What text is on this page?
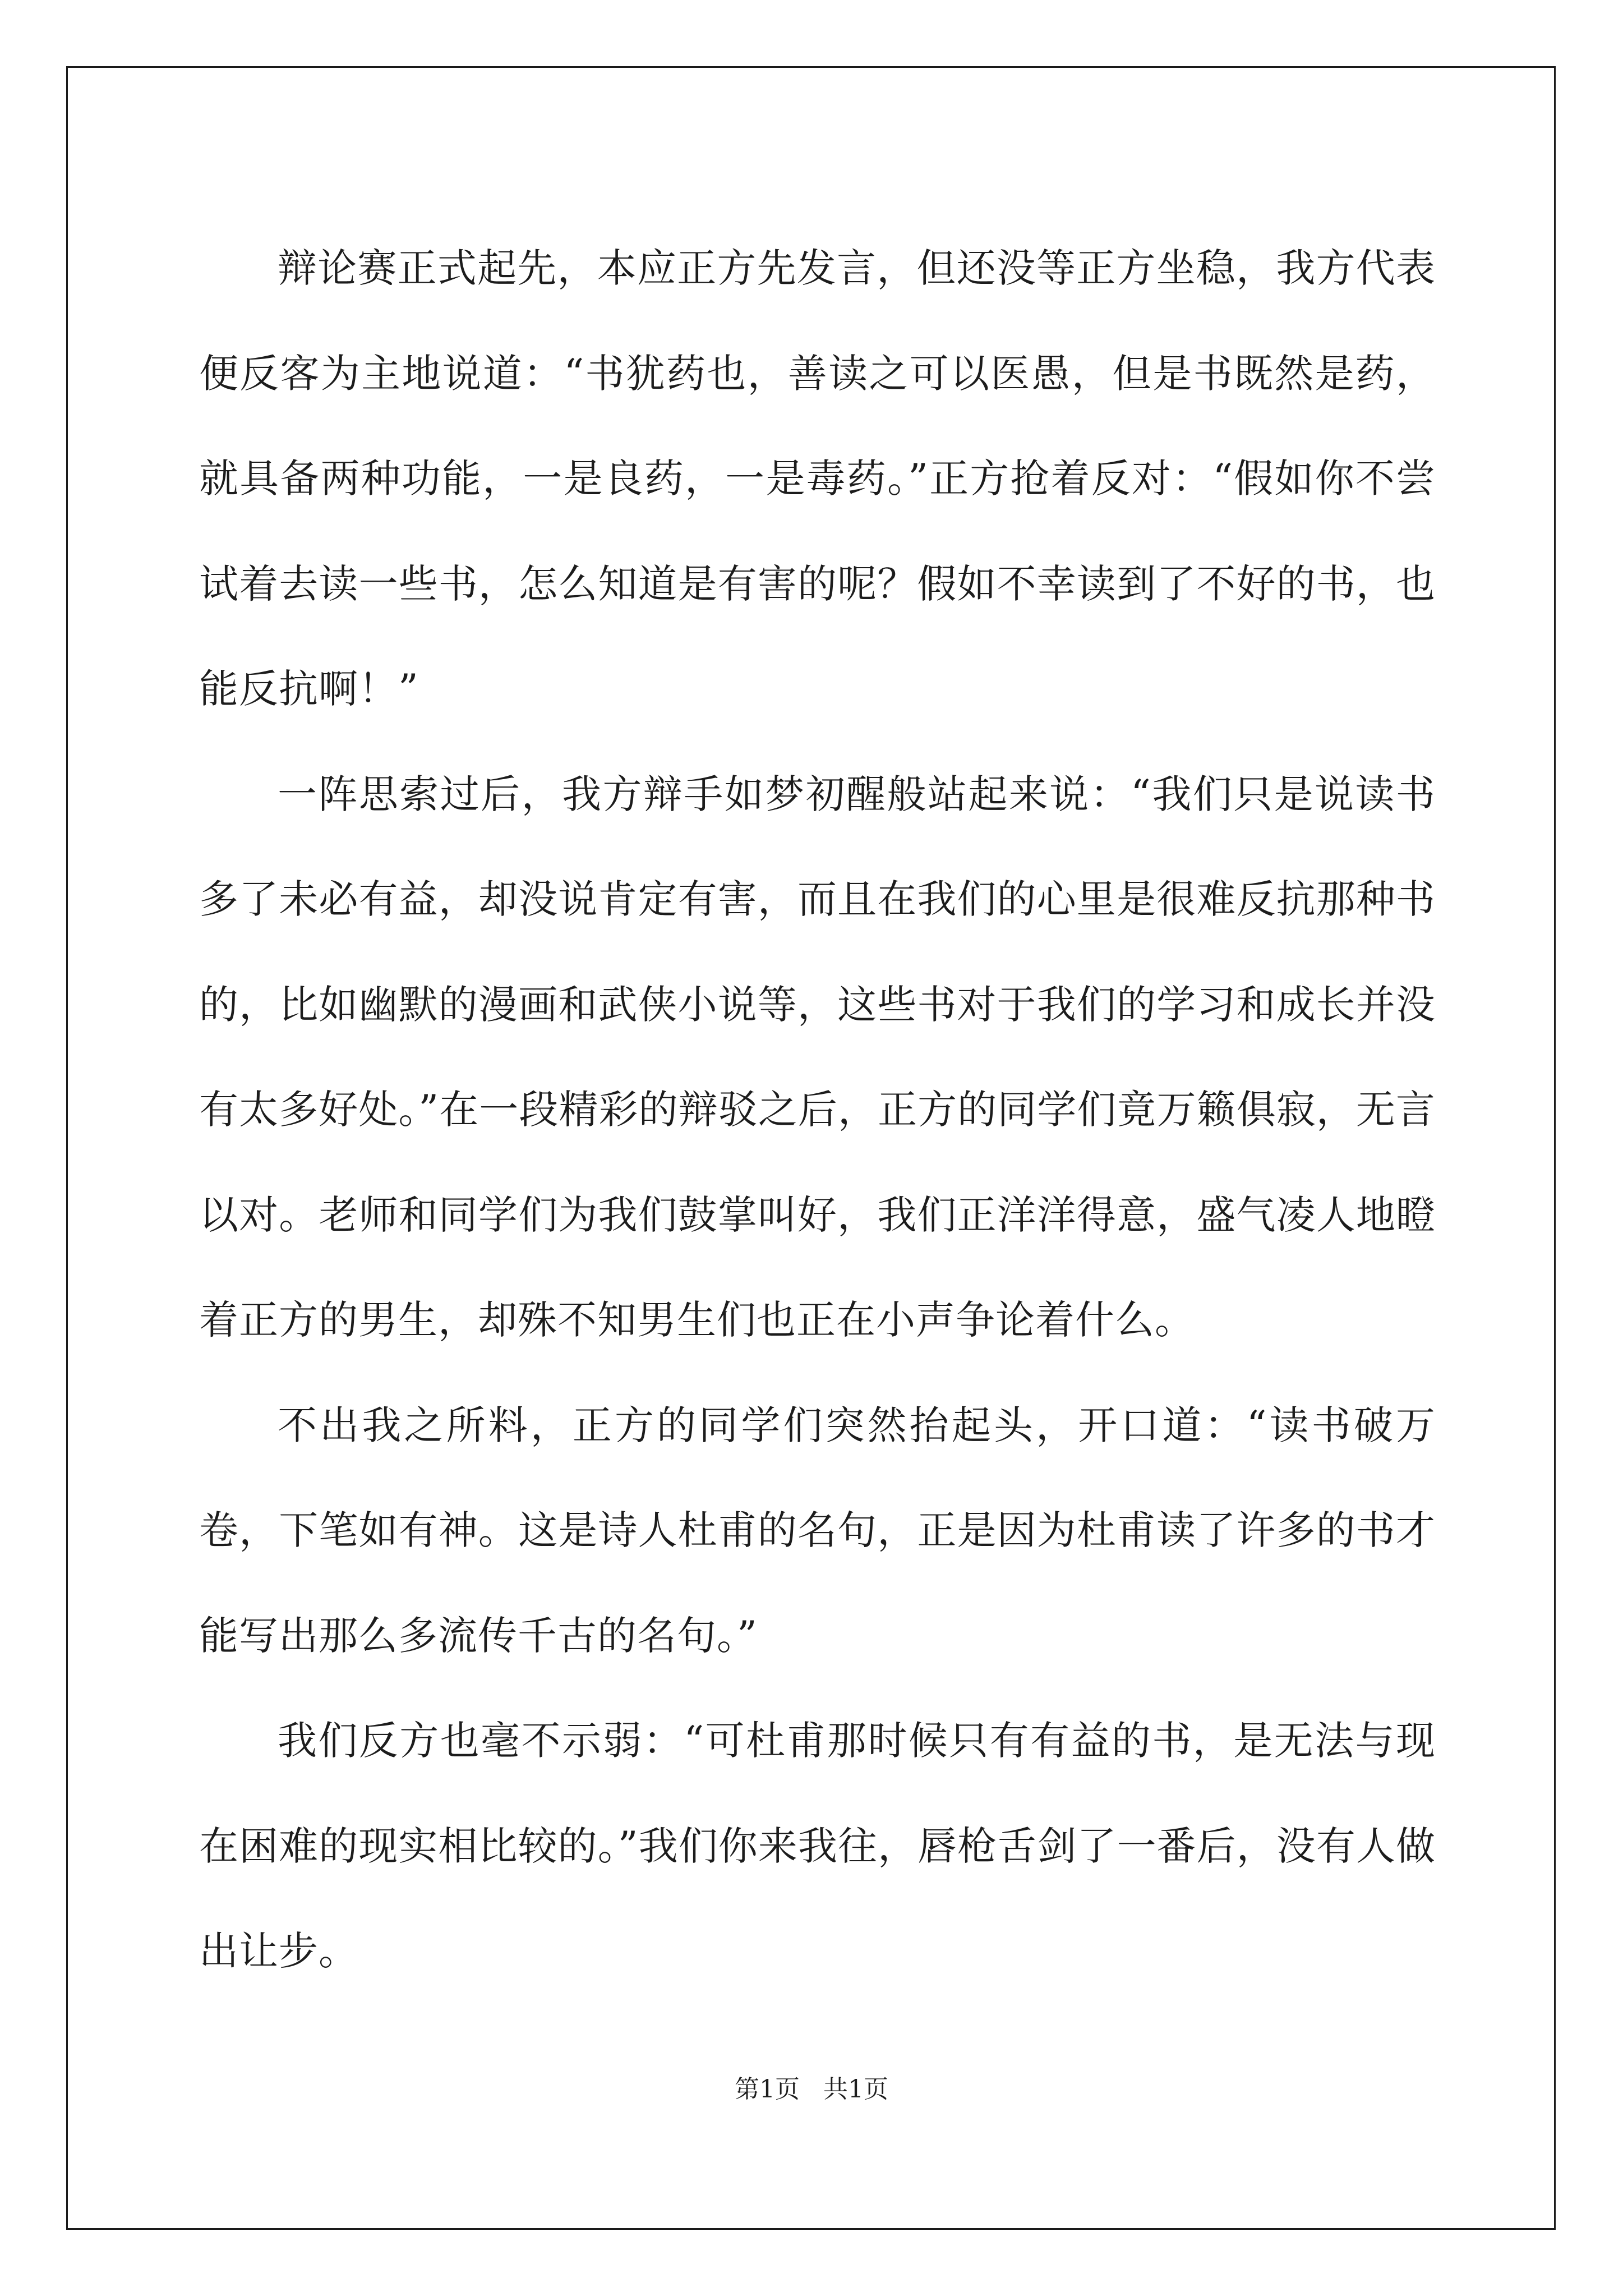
辩论赛正式起先，本应正方先发言，但还没等正方坐稳，我方代表便反客为主地说道：“书犹药也，善读之可以医愚，但是书既然是药，就具备两种功能，一是良药，一是毒药。”正方抢着反对：“假如你不尝试着去读一些书，怎么知道是有害的呢？假如不幸读到了不好的书，也能反抗啊！”

一阵思索过后，我方辩手如梦初醒般站起来说：“我们只是说读书多了未必有益，却没说肯定有害，而且在我们的心里是很难反抗那种书的，比如幽默的漫画和武侠小说等，这些书对于我们的学习和成长并没有太多好处。”在一段精彩的辩驳之后，正方的同学们竟万籁俱寂，无言以对。老师和同学们为我们鼓掌叫好，我们正洋洋得意，盛气凌人地瞪着正方的男生，却殊不知男生们也正在小声争论着什么。

不出我之所料，正方的同学们突然抬起头，开口道：“读书破万卷，下笔如有神。这是诗人杜甫的名句，正是因为杜甫读了许多的书才能写出那么多流传千古的名句。”

我们反方也毫不示弱：“可杜甫那时候只有有益的书，是无法与现在困难的现实相比较的。”我们你来我往，唇枪舌剑了一番后，没有人做出让步。

第1页   共1页
